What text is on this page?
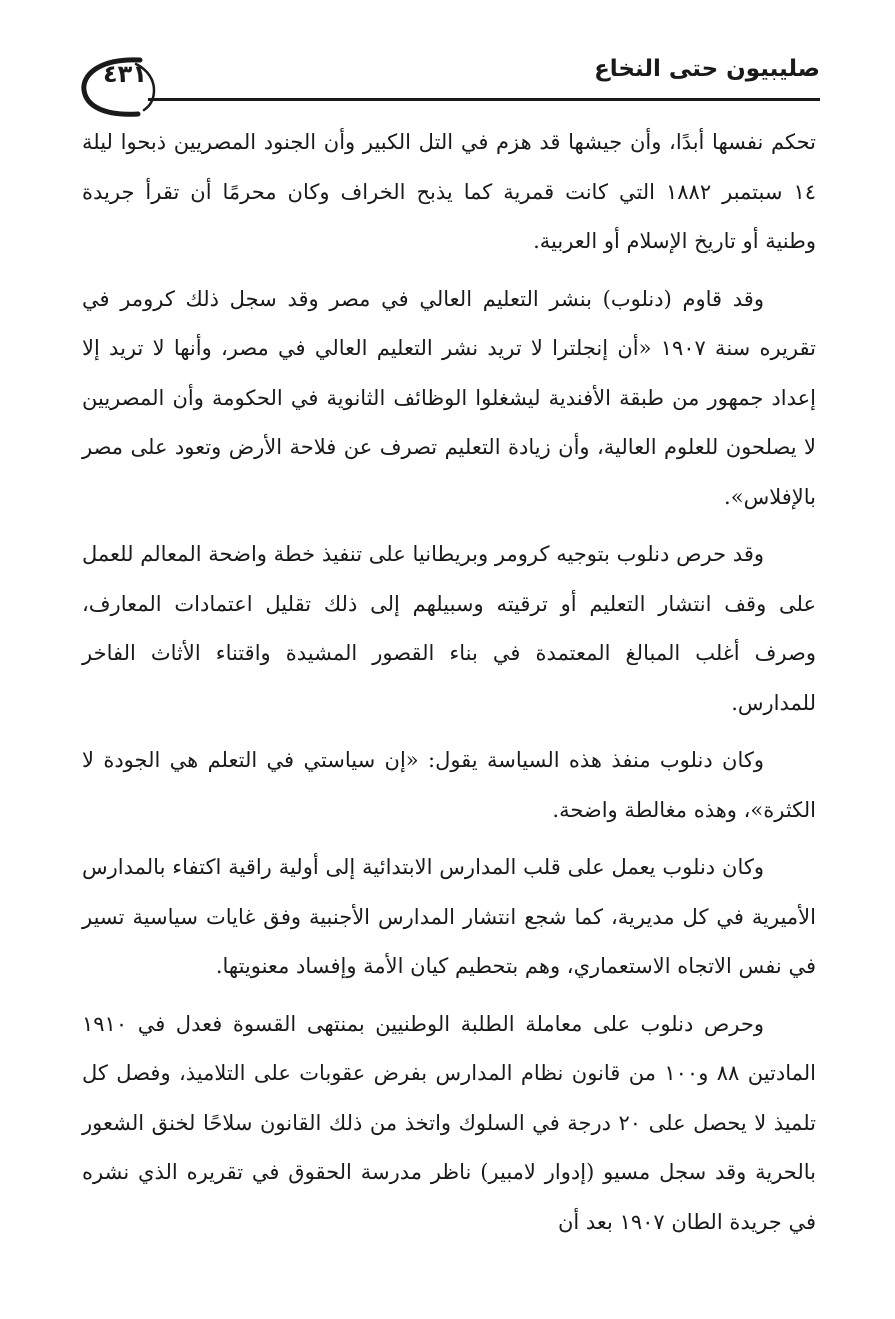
٤٣١	صليبيون حتى النخاع

تحكم نفسها أبدًا، وأن جيشها قد هزم في التل الكبير وأن الجنود المصريين ذبحوا ليلة ١٤ سبتمبر ١٨٨٢ التي كانت قمرية كما يذبح الخراف وكان محرمًا أن تقرأ جريدة وطنية أو تاريخ الإسلام أو العربية.

وقد قاوم (دنلوب) بنشر التعليم العالي في مصر وقد سجل ذلك كرومر في تقريره سنة ١٩٠٧ «أن إنجلترا لا تريد نشر التعليم العالي في مصر، وأنها لا تريد إلا إعداد جمهور من طبقة الأفندية ليشغلوا الوظائف الثانوية في الحكومة وأن المصريين لا يصلحون للعلوم العالية، وأن زيادة التعليم تصرف عن فلاحة الأرض وتعود على مصر بالإفلاس».

وقد حرص دنلوب بتوجيه كرومر وبريطانيا على تنفيذ خطة واضحة المعالم للعمل على وقف انتشار التعليم أو ترقيته وسبيلهم إلى ذلك تقليل اعتمادات المعارف، وصرف أغلب المبالغ المعتمدة في بناء القصور المشيدة واقتناء الأثاث الفاخر للمدارس.

وكان دنلوب منفذ هذه السياسة يقول: «إن سياستي في التعلم هي الجودة لا الكثرة»، وهذه مغالطة واضحة.

وكان دنلوب يعمل على قلب المدارس الابتدائية إلى أولية راقية اكتفاء بالمدارس الأميرية في كل مديرية، كما شجع انتشار المدارس الأجنبية وفق غايات سياسية تسير في نفس الاتجاه الاستعماري، وهم بتحطيم كيان الأمة وإفساد معنويتها.

وحرص دنلوب على معاملة الطلبة الوطنيين بمنتهى القسوة فعدل في ١٩١٠ المادتين ٨٨ و١٠٠ من قانون نظام المدارس بفرض عقوبات على التلاميذ، وفصل كل تلميذ لا يحصل على ٢٠ درجة في السلوك واتخذ من ذلك القانون سلاحًا لخنق الشعور بالحرية وقد سجل مسيو (إدوار لامبير) ناظر مدرسة الحقوق في تقريره الذي نشره في جريدة الطان ١٩٠٧ بعد أن
